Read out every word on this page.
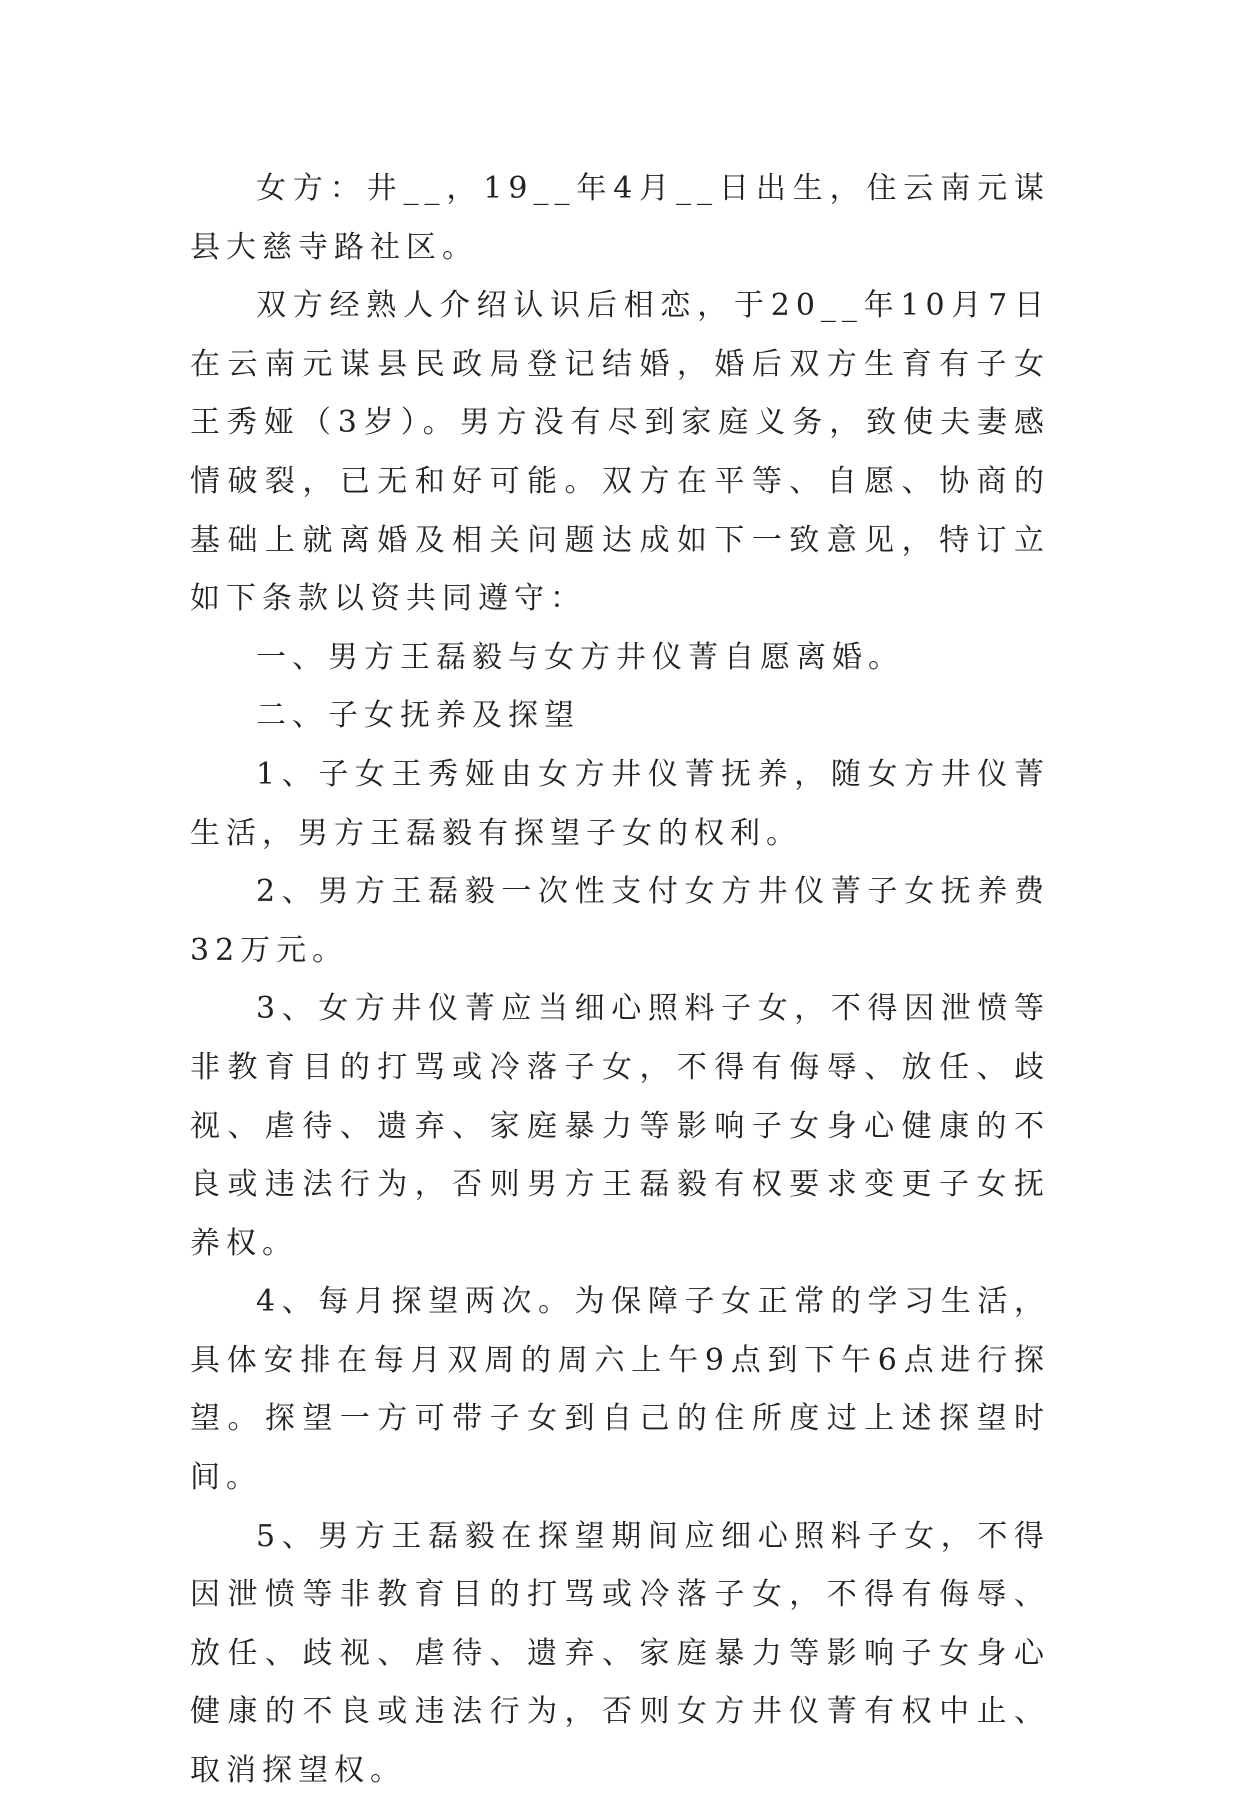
女方：井__，19__年4月__日出生，住云南元谋县大慈寺路社区。

双方经熟人介绍认识后相恋，于20__年10月7日在云南元谋县民政局登记结婚，婚后双方生育有子女王秀娅（3岁）。男方没有尽到家庭义务，致使夫妻感情破裂，已无和好可能。双方在平等、自愿、协商的基础上就离婚及相关问题达成如下一致意见，特订立如下条款以资共同遵守：

一、男方王磊毅与女方井仪菁自愿离婚。

二、子女抚养及探望

1、子女王秀娅由女方井仪菁抚养，随女方井仪菁生活，男方王磊毅有探望子女的权利。

2、男方王磊毅一次性支付女方井仪菁子女抚养费32万元。

3、女方井仪菁应当细心照料子女，不得因泄愤等非教育目的打骂或冷落子女，不得有侮辱、放任、歧视、虐待、遗弃、家庭暴力等影响子女身心健康的不良或违法行为，否则男方王磊毅有权要求变更子女抚养权。

4、每月探望两次。为保障子女正常的学习生活，具体安排在每月双周的周六上午9点到下午6点进行探望。探望一方可带子女到自己的住所度过上述探望时间。

5、男方王磊毅在探望期间应细心照料子女，不得因泄愤等非教育目的打骂或冷落子女，不得有侮辱、放任、歧视、虐待、遗弃、家庭暴力等影响子女身心健康的不良或违法行为，否则女方井仪菁有权中止、取消探望权。
